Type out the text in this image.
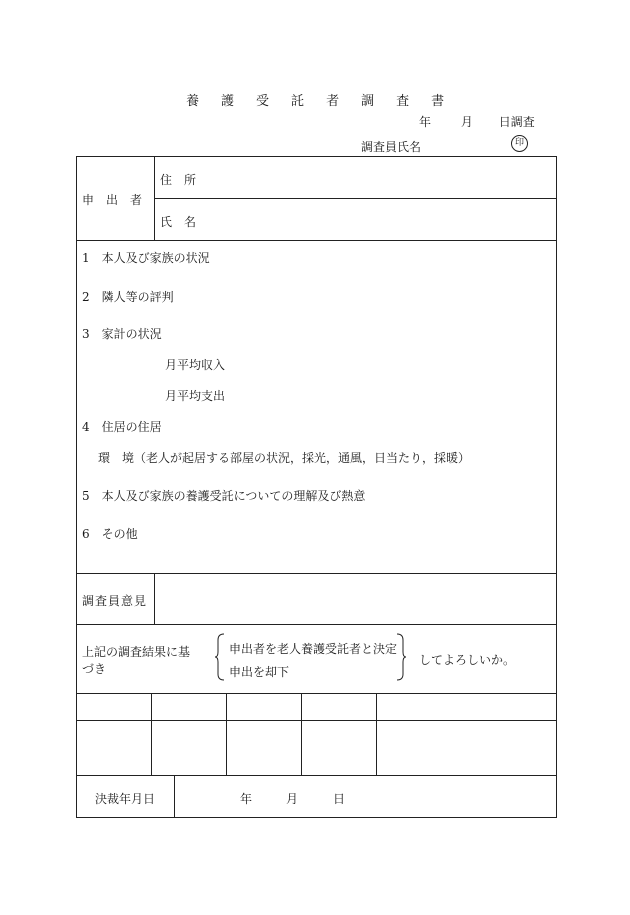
養 護 受 託 者 調 査 書
年 月 日調査
調査員氏名	印
申　出　者
住　所
氏　名
1　 本人及び家族の状況
2　 隣人等の評判
3　 家計の状況
月平均収入
月平均支出
4　 住居の住居
環　境（老人が起居する部屋の状況，採光，通風，日当たり，採暖）
5　 本人及び家族の養護受託についての理解及び熱意
6　 その他
調査員意見
上記の調査結果に基
づき
申出者を老人養護受託者と決定
申出を却下
してよろしいか。
決裁年月日	年	月	日
